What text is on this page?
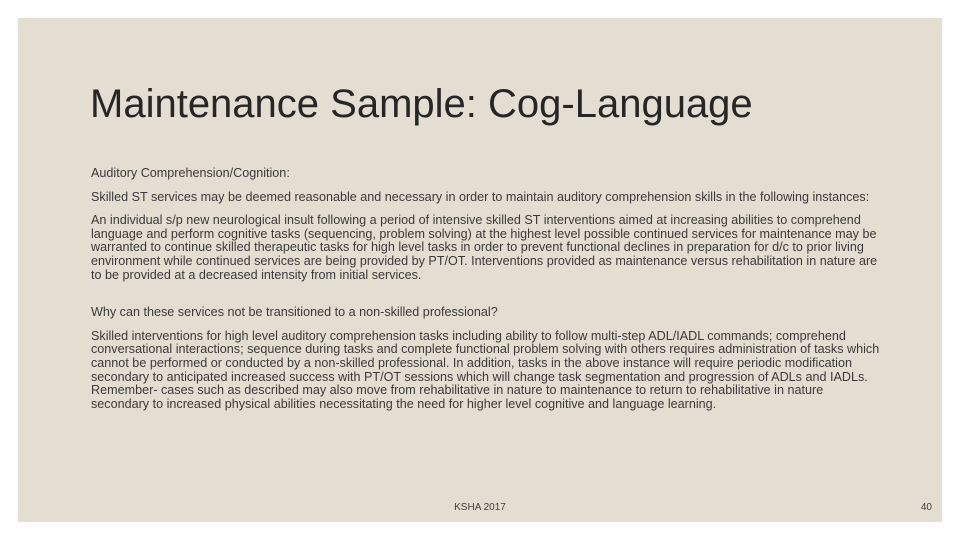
Maintenance Sample: Cog-Language

Auditory Comprehension/Cognition:

Skilled ST services may be deemed reasonable and necessary in order to maintain auditory comprehension skills in the following instances:

An individual s/p new neurological insult following a period of intensive skilled ST interventions aimed at increasing abilities to comprehend language and perform cognitive tasks (sequencing, problem solving) at the highest level possible continued services for maintenance may be warranted to continue skilled therapeutic tasks for high level tasks in order to prevent functional declines in preparation for d/c to prior living environment while continued services are being provided by PT/OT. Interventions provided as maintenance versus rehabilitation in nature are to be provided at a decreased intensity from initial services.

Why can these services not be transitioned to a non-skilled professional?

Skilled interventions for high level auditory comprehension tasks including ability to follow multi-step ADL/IADL commands; comprehend conversational interactions; sequence during tasks and complete functional problem solving with others requires administration of tasks which cannot be performed or conducted by a non-skilled professional. In addition, tasks in the above instance will require periodic modification secondary to anticipated increased success with PT/OT sessions which will change task segmentation and progression of ADLs and IADLs. Remember- cases such as described may also move from rehabilitative in nature to maintenance to return to rehabilitative in nature secondary to increased physical abilities necessitating the need for higher level cognitive and language learning.

KSHA 2017	40
